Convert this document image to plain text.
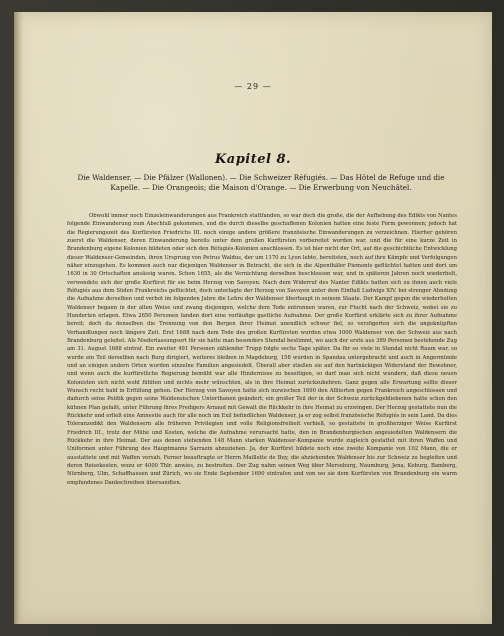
— 29 —
Kapitel 8.
Die Waldenser. — Die Pfälzer (Wallonen). — Die Schweizer Réfugiés. — Das Hôtel de Refuge und die Kapelle. — Die Orangeois; die Maison d'Orange. — Die Erwerbung von Neuchâtel.

Obwohl immer noch Einzeleinwanderungen aus Frankreich stattfanden, so war doch die große, die der Aufhebung des Edikts von Nantes folgende Einwanderung zum Abschluß gekommen, und die durch dieselbe geschaffenen Kolonien hatten eine feste Form gewonnen; jedoch hat die Regierungszeit des Kurfürsten Friedrichs III. noch einige andere größere französische Einwanderungen zu verzeichnen. Hierher gehören zuerst die Waldenser, deren Einwanderung bereits unter dem großen Kurfürsten vorbereitet worden war, und die für eine kurze Zeit in Brandenburg eigene Kolonien bildeten oder sich den Réfugiés-Kolonien anschlossen. Es ist hier nicht der Ort, auf die geschichtliche Entwicklung dieser Waldenser-Gemeinden, ihren Ursprung von Petrus Waldus, der um 1170 zu Lyon lebte, bereitsten, noch auf ihre Kämpfe und Verfolgungen näher einzugehen. Es kommen auch nur diejenigen Waldenser in Betracht, die sich in die Alpenthäler Piemonts geflüchtet hatten und dort um 1630 in 30 Ortschaften ansässig waren. Schon 1655, als die Vernichtung derselben beschlossen war, und in späteren Jahren noch wiederholt, verwendete sich der große Kurfürst für sie beim Herzog von Savoyen. Nach dem Widerruf des Nanter Edikts hatten sich zu ihnen auch viele Réfugiés aus dem Süden Frankreichs geflüchtet, doch unterlagte der Herzog von Savoyen unter dem Einfluß Ludwigs XIV. bei strenger Ahndung die Aufnahme derselben und verbot im folgenden Jahre die Lehre der Waldenser überhaupt in seinem Staate. Der Kampf gegen die wiederholten Waldenser begann in der alten Weise und zwang diejenigen, welche dem Tode entronnen waren, zur Flucht nach der Schweiz, wobei sie zu Hunderten erlagen. Etwa 2650 Personen fanden dort eine vorläufige gastliche Aufnahme. Der große Kurfürst erklärte sich zu ihrer Aufnahme bereit; doch da denselben die Trennung von den Bergen ihrer Heimat unendlich schwer fiel, so verzögerten sich die angeknüpften Verhandlungen noch längere Zeit. Erst 1688 nach dem Tode des großen Kurfürsten wurden etwa 1000 Waldenser von der Schweiz aus nach Brandenburg geleitet. Als Niederlassungsort für sie hatte man besonders Stendal bestimmt, wo auch der erste aus 389 Personen bestehende Zug am 31. August 1688 eintraf. Ein zweiter 491 Personen zählender Trupp folgte sechs Tage später. Da für so viele in Stendal nicht Raum war, so wurde ein Teil derselben nach Burg dirigiert, weiteres bleiben in Magdeburg, 158 wurden in Spandau untergebracht und auch in Angermünde und an einigen andern Orten wurden einzelne Familien angesiedelt. Überall aber stießen sie auf den hartnäckigen Widerstand der Bewohner, und wenn auch die kurfürstliche Regierung bemüht war alle Hindernisse zu beseitigen, so darf man sich nicht wundern, daß diese neuen Kolonisten sich nicht wohl fühlten und nichts mehr wünschten, als in ihre Heimat zurückzukehren. Ganz gegen alle Erwartung sollte dieser Wunsch recht bald in Erfüllung gehen. Der Herzog von Savoyen hatte sich inzwischen 1690 den Alliierten gegen Frankreich angeschlossen und dadurch seine Politik gegen seine Waldensischen Unterthanen geändert; ein großer Teil der in der Schweiz zurückgebliebenen hatte schon den kühnen Plan gefaßt, unter Führung ihres Predigers Arnaud mit Gewalt die Rückkehr in ihre Heimat zu erzwingen. Der Herzog gestattete nun die Rückkehr und erließ eine Amnestie auch für alle noch im Exil befindlichen Waldenser, ja er zog selbst französische Réfugiés in sein Land. Da dies Toleranzedikt den Waldensern alle früheren Privilegien und volle Religionsfreiheit verhieß, so gestattete in großherziger Weise Kurfürst Friedrich III., trotz der Mühe und Kosten, welche die Aufnahme verursacht hatte, den in Brandenburgischen angesiedelten Waldensern die Rückkehr in ihre Heimat. Der aus denen stehenden 148 Mann starken Waldenser-Kompanie wurde zugleich gestattet mit ihren Waffen und Uniformen unter Führung des Hauptmanns Sarrazin abzuziehen. Ja, der Kurfürst bildete noch eine zweite Kompanie von 102 Mann, die er ausstattete und mit Waffen versah. Ferner beauftragte er Herrn Maillette de Buy, die abziehenden Waldenser bis zur Schweiz zu begleiten und deren Reisekosten, wozu er 4000 Thlr. anwies, zu bestreiten. Der Zug nahm seinen Weg über Merseburg, Naumburg, Jena, Koburg, Bamberg, Nürnberg, Ulm, Schaffhausen und Zürich, wo sie Ende September 1690 eintrafen und von wo sie dem Kurfürsten von Brandenburg ein warm empfundenes Dankschreiben übersandten.
